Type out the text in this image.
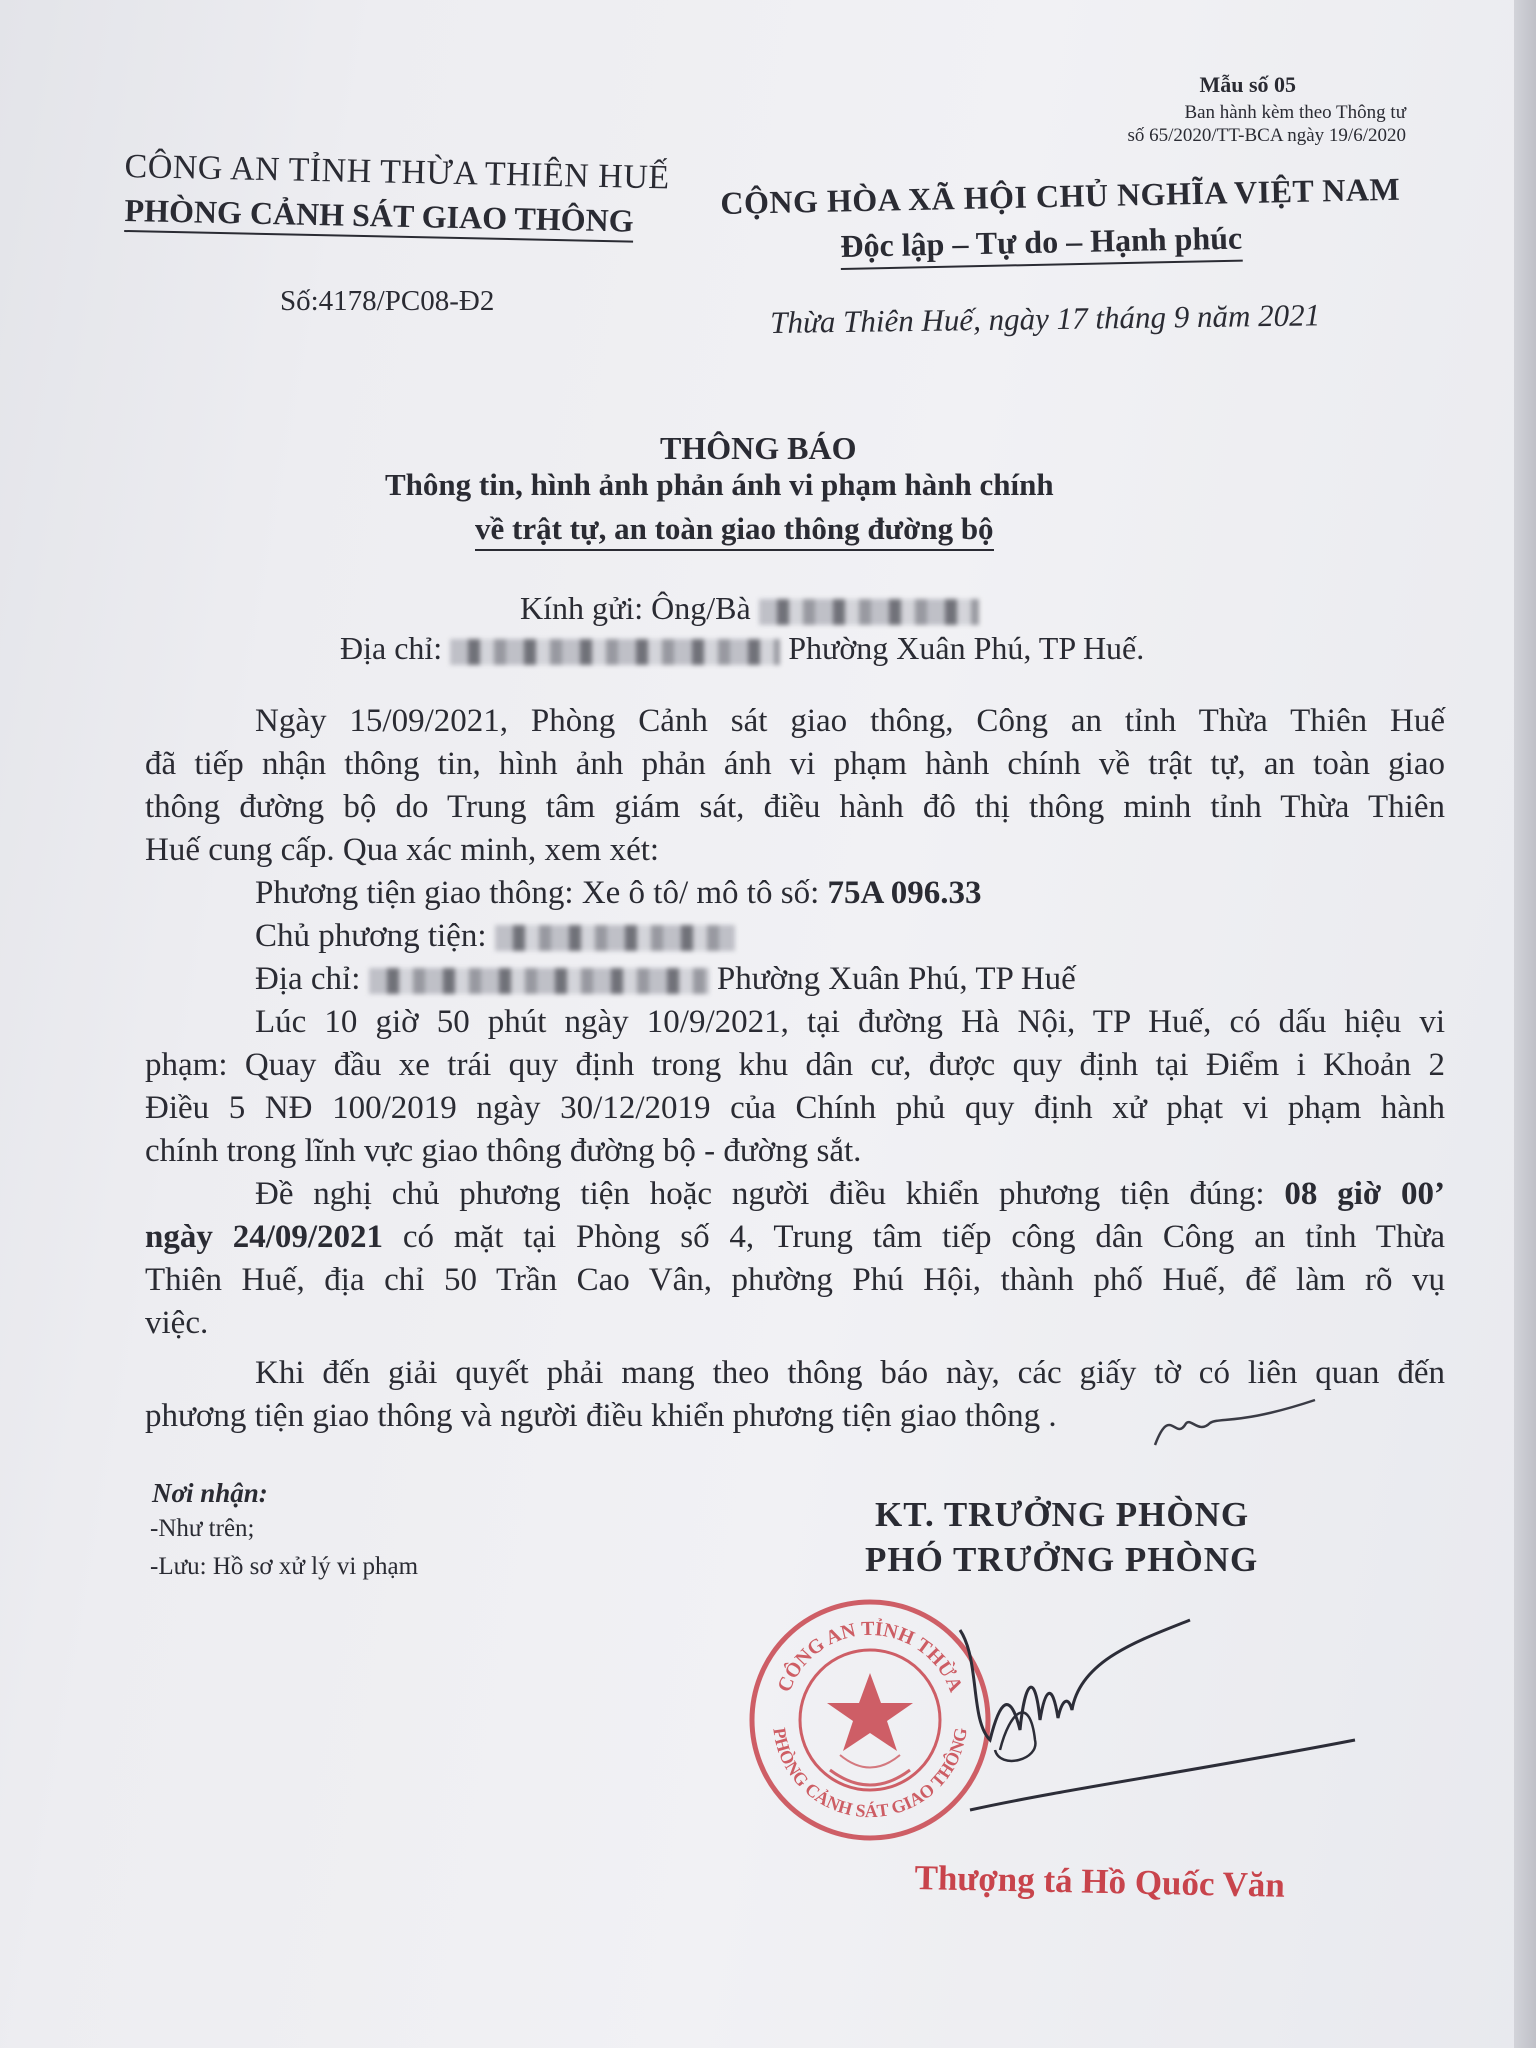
Mẫu số 05
Ban hành kèm theo Thông tư
số 65/2020/TT-BCA ngày 19/6/2020
CÔNG AN TỈNH THỪA THIÊN HUẾ
PHÒNG CẢNH SÁT GIAO THÔNG
Số:4178/PC08-Đ2
CỘNG HÒA XÃ HỘI CHỦ NGHĨA VIỆT NAM
Độc lập – Tự do – Hạnh phúc
Thừa Thiên Huế, ngày 17 tháng 9 năm 2021
THÔNG BÁO
Thông tin, hình ảnh phản ánh vi phạm hành chính
về trật tự, an toàn giao thông đường bộ
Kính gửi: Ông/Bà
Địa chỉ:	Phường Xuân Phú, TP Huế.
Ngày 15/09/2021, Phòng Cảnh sát giao thông, Công an tỉnh Thừa Thiên Huế
đã tiếp nhận thông tin, hình ảnh phản ánh vi phạm hành chính về trật tự, an toàn giao
thông đường bộ do Trung tâm giám sát, điều hành đô thị thông minh tỉnh Thừa Thiên
Huế cung cấp. Qua xác minh, xem xét:
Phương tiện giao thông: Xe ô tô/ mô tô số: 75A 096.33
Chủ phương tiện:
Địa chỉ:	Phường Xuân Phú, TP Huế
Lúc 10 giờ 50 phút ngày 10/9/2021, tại đường Hà Nội, TP Huế, có dấu hiệu vi
phạm: Quay đầu xe trái quy định trong khu dân cư, được quy định tại Điểm i Khoản 2
Điều 5 NĐ 100/2019 ngày 30/12/2019 của Chính phủ quy định xử phạt vi phạm hành
chính trong lĩnh vực giao thông đường bộ - đường sắt.
Đề nghị chủ phương tiện hoặc người điều khiển phương tiện đúng: 08 giờ 00’
ngày 24/09/2021 có mặt tại Phòng số 4, Trung tâm tiếp công dân Công an tỉnh Thừa
Thiên Huế, địa chỉ 50 Trần Cao Vân, phường Phú Hội, thành phố Huế, để làm rõ vụ
việc.
Khi đến giải quyết phải mang theo thông báo này, các giấy tờ có liên quan đến
phương tiện giao thông và người điều khiển phương tiện giao thông .
Nơi nhận:
-Như trên;
-Lưu: Hồ sơ xử lý vi phạm
KT. TRƯỞNG PHÒNG
PHÓ TRƯỞNG PHÒNG
CÔNG AN TỈNH THỪA
PHÒNG CẢNH SÁT GIAO THÔNG
Thượng tá Hồ Quốc Văn
